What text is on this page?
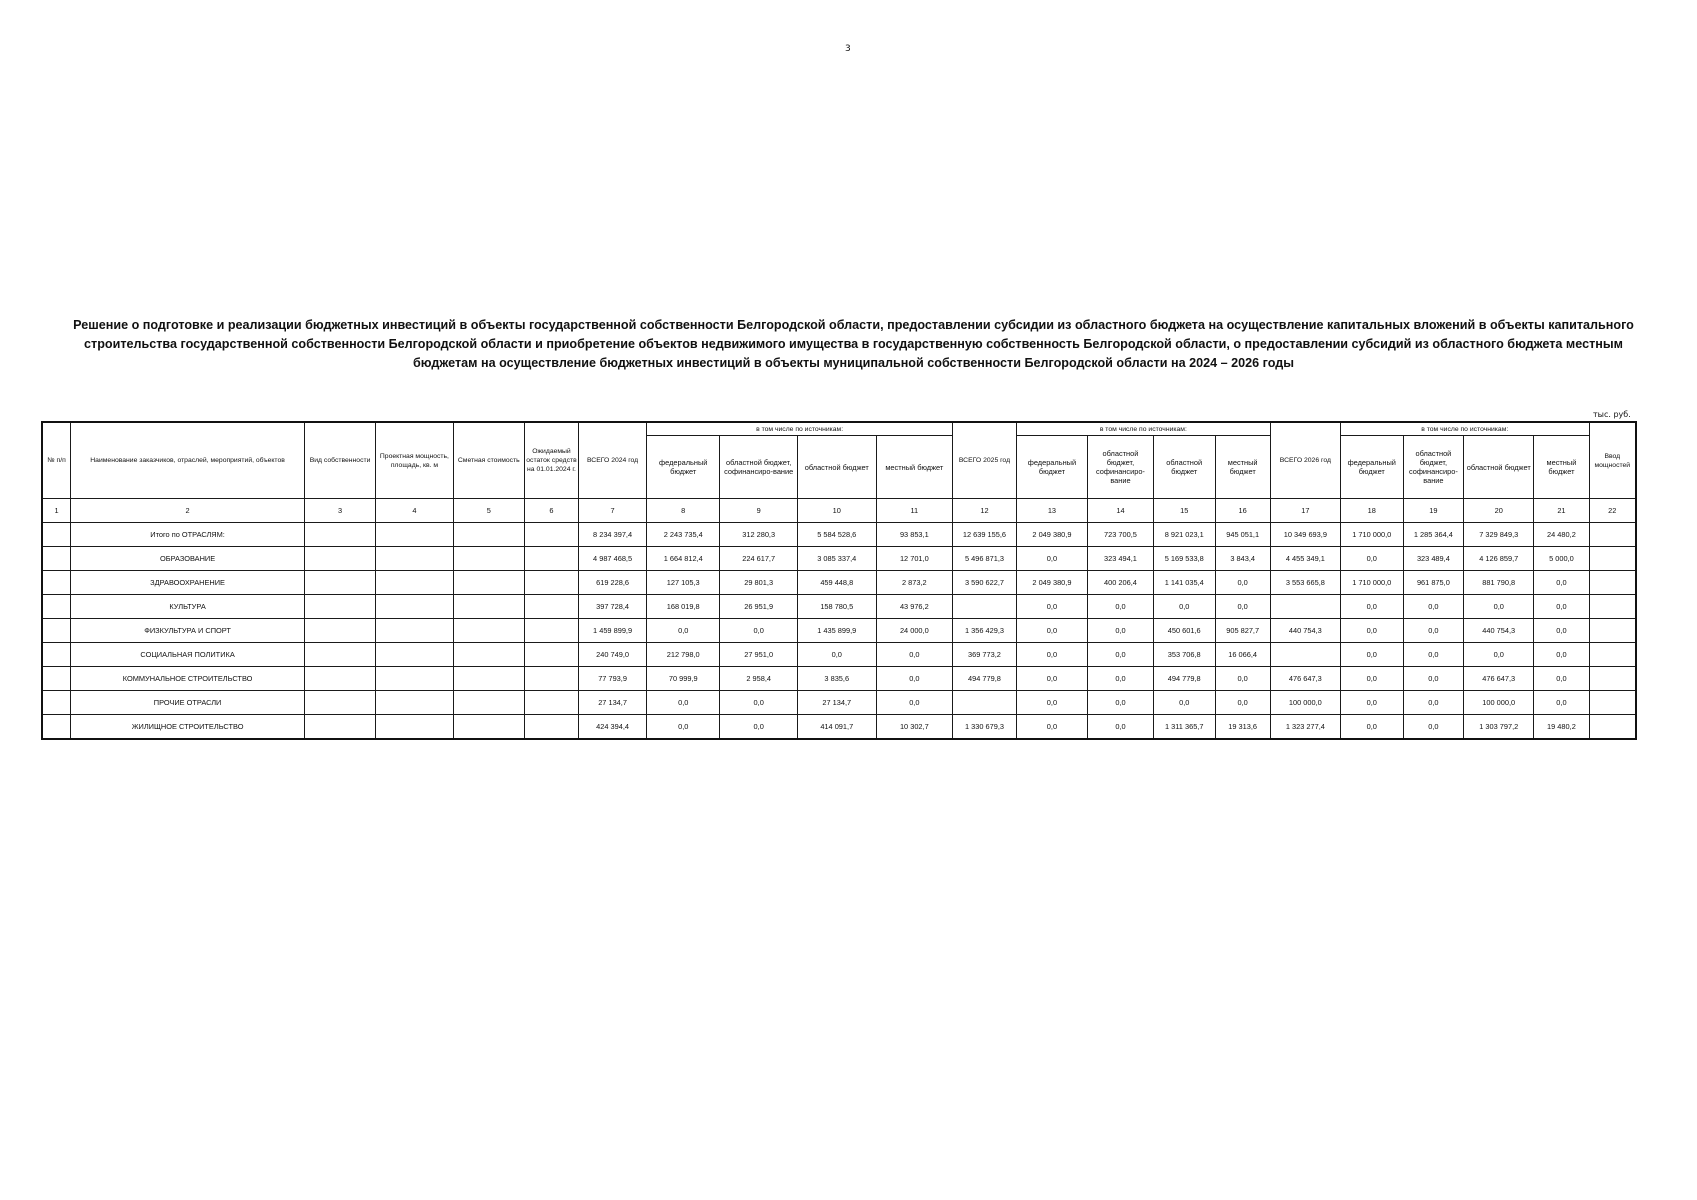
3
Решение о подготовке и реализации бюджетных инвестиций в объекты государственной собственности Белгородской области, предоставлении субсидии из областного бюджета на осуществление капитальных вложений в объекты капитального строительства государственной собственности Белгородской области и приобретение объектов недвижимого имущества в государственную собственность Белгородской области, о предоставлении субсидий из областного бюджета местным бюджетам на осуществление бюджетных инвестиций в объекты муниципальной собственности Белгородской области на 2024 – 2026 годы
тыс. руб.
№ п/п	Наименование заказчиков, отраслей, мероприятий, объектов	Вид собственности	Проектная мощность, площадь, кв. м	Сметная стоимость	Ожидаемый остаток средств на 01.01.2024 г.	ВСЕГО 2024 год	в том числе по источникам:				ВСЕГО 2025 год	в том числе по источникам:				ВСЕГО 2026 год	в том числе по источникам:				Ввод мощностей
							федеральный бюджет	областной бюджет, софинансиро-вание	областной бюджет	местный бюджет		федеральный бюджет	областной бюджет, софинансиро-вание	областной бюджет	местный бюджет		федеральный бюджет	областной бюджет, софинансиро-вание	областной бюджет	местный бюджет	
1	2	3	4	5	6	7	8	9	10	11	12	13	14	15	16	17	18	19	20	21	22
	Итого по ОТРАСЛЯМ:					8 234 397,4	2 243 735,4	312 280,3	5 584 528,6	93 853,1	12 639 155,6	2 049 380,9	723 700,5	8 921 023,1	945 051,1	10 349 693,9	1 710 000,0	1 285 364,4	7 329 849,3	24 480,2	
	ОБРАЗОВАНИЕ					4 987 468,5	1 664 812,4	224 617,7	3 085 337,4	12 701,0	5 496 871,3	0,0	323 494,1	5 169 533,8	3 843,4	4 455 349,1	0,0	323 489,4	4 126 859,7	5 000,0	
	ЗДРАВООХРАНЕНИЕ					619 228,6	127 105,3	29 801,3	459 448,8	2 873,2	3 590 622,7	2 049 380,9	400 206,4	1 141 035,4	0,0	3 553 665,8	1 710 000,0	961 875,0	881 790,8	0,0	
	КУЛЬТУРА					397 728,4	168 019,8	26 951,9	158 780,5	43 976,2		0,0	0,0	0,0	0,0		0,0	0,0	0,0	0,0	
	ФИЗКУЛЬТУРА И СПОРТ					1 459 899,9	0,0	0,0	1 435 899,9	24 000,0	1 356 429,3	0,0	0,0	450 601,6	905 827,7	440 754,3	0,0	0,0	440 754,3	0,0	
	СОЦИАЛЬНАЯ ПОЛИТИКА					240 749,0	212 798,0	27 951,0	0,0	0,0	369 773,2	0,0	0,0	353 706,8	16 066,4		0,0	0,0	0,0	0,0	
	КОММУНАЛЬНОЕ СТРОИТЕЛЬСТВО					77 793,9	70 999,9	2 958,4	3 835,6	0,0	494 779,8	0,0	0,0	494 779,8	0,0	476 647,3	0,0	0,0	476 647,3	0,0	
	ПРОЧИЕ ОТРАСЛИ					27 134,7	0,0	0,0	27 134,7	0,0		0,0	0,0	0,0	0,0	100 000,0	0,0	0,0	100 000,0	0,0	
	ЖИЛИЩНОЕ СТРОИТЕЛЬСТВО					424 394,4	0,0	0,0	414 091,7	10 302,7	1 330 679,3	0,0	0,0	1 311 365,7	19 313,6	1 323 277,4	0,0	0,0	1 303 797,2	19 480,2	
